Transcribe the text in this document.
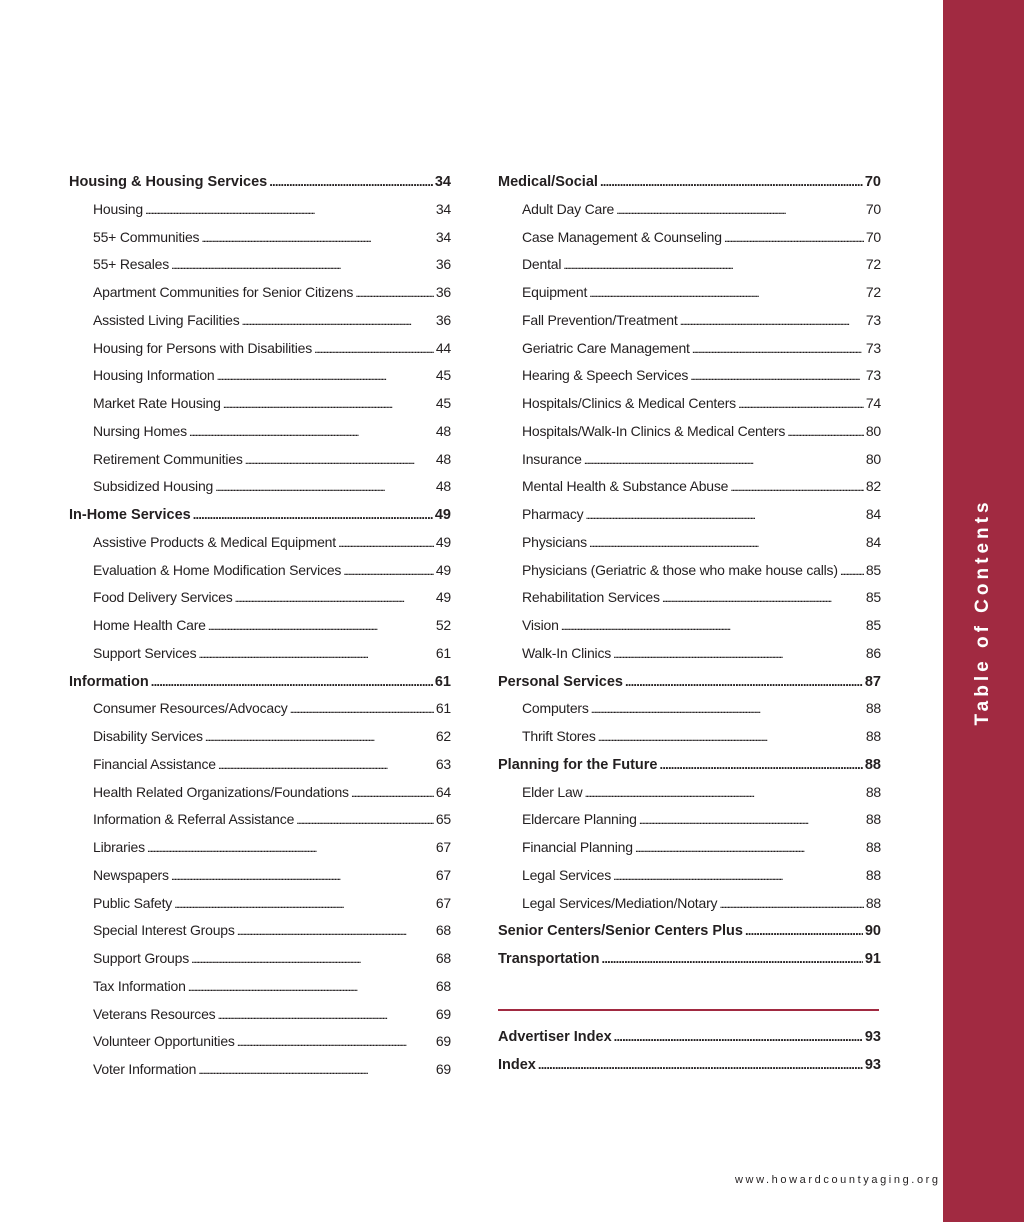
Table of Contents
Housing & Housing Services . . .	34
Housing . . .	34
55+ Communities . . .	34
55+ Resales . . .	36
Apartment Communities for Senior Citizens . . .	36
Assisted Living Facilities . . .	36
Housing for Persons with Disabilities . . .	44
Housing Information . . .	45
Market Rate Housing . . .	45
Nursing Homes . . .	48
Retirement Communities . . .	48
Subsidized Housing . . .	48
In-Home Services . . .	49
Assistive Products & Medical Equipment . . .	49
Evaluation & Home Modification Services . . .	49
Food Delivery Services . . .	49
Home Health Care . . .	52
Support Services . . .	61
Information . . .	61
Consumer Resources/Advocacy . . .	61
Disability Services . . .	62
Financial Assistance . . .	63
Health Related Organizations/Foundations . . .	64
Information & Referral Assistance . . .	65
Libraries . . .	67
Newspapers . . .	67
Public Safety . . .	67
Special Interest Groups . . .	68
Support Groups . . .	68
Tax Information . . .	68
Veterans Resources . . .	69
Volunteer Opportunities . . .	69
Voter Information . . .	69
Medical/Social . . .	70
Adult Day Care . . .	70
Case Management & Counseling . . .	70
Dental . . .	72
Equipment . . .	72
Fall Prevention/Treatment . . .	73
Geriatric Care Management . . .	73
Hearing & Speech Services . . .	73
Hospitals/Clinics & Medical Centers . . .	74
Hospitals/Walk-In Clinics & Medical Centers . . .	80
Insurance . . .	80
Mental Health & Substance Abuse . . .	82
Pharmacy . . .	84
Physicians . . .	84
Physicians (Geriatric & those who make house calls) . . . 85
Rehabilitation Services . . .	85
Vision . . .	85
Walk-In Clinics . . .	86
Personal Services . . .	87
Computers . . .	88
Thrift Stores . . .	88
Planning for the Future . . .	88
Elder Law . . .	88
Eldercare Planning . . .	88
Financial Planning . . .	88
Legal Services . . .	88
Legal Services/Mediation/Notary . . .	88
Senior Centers/Senior Centers Plus . . .	90
Transportation . . .	91
Advertiser Index . . .	93
Index . . .	93
www.howardcountyaging.org
